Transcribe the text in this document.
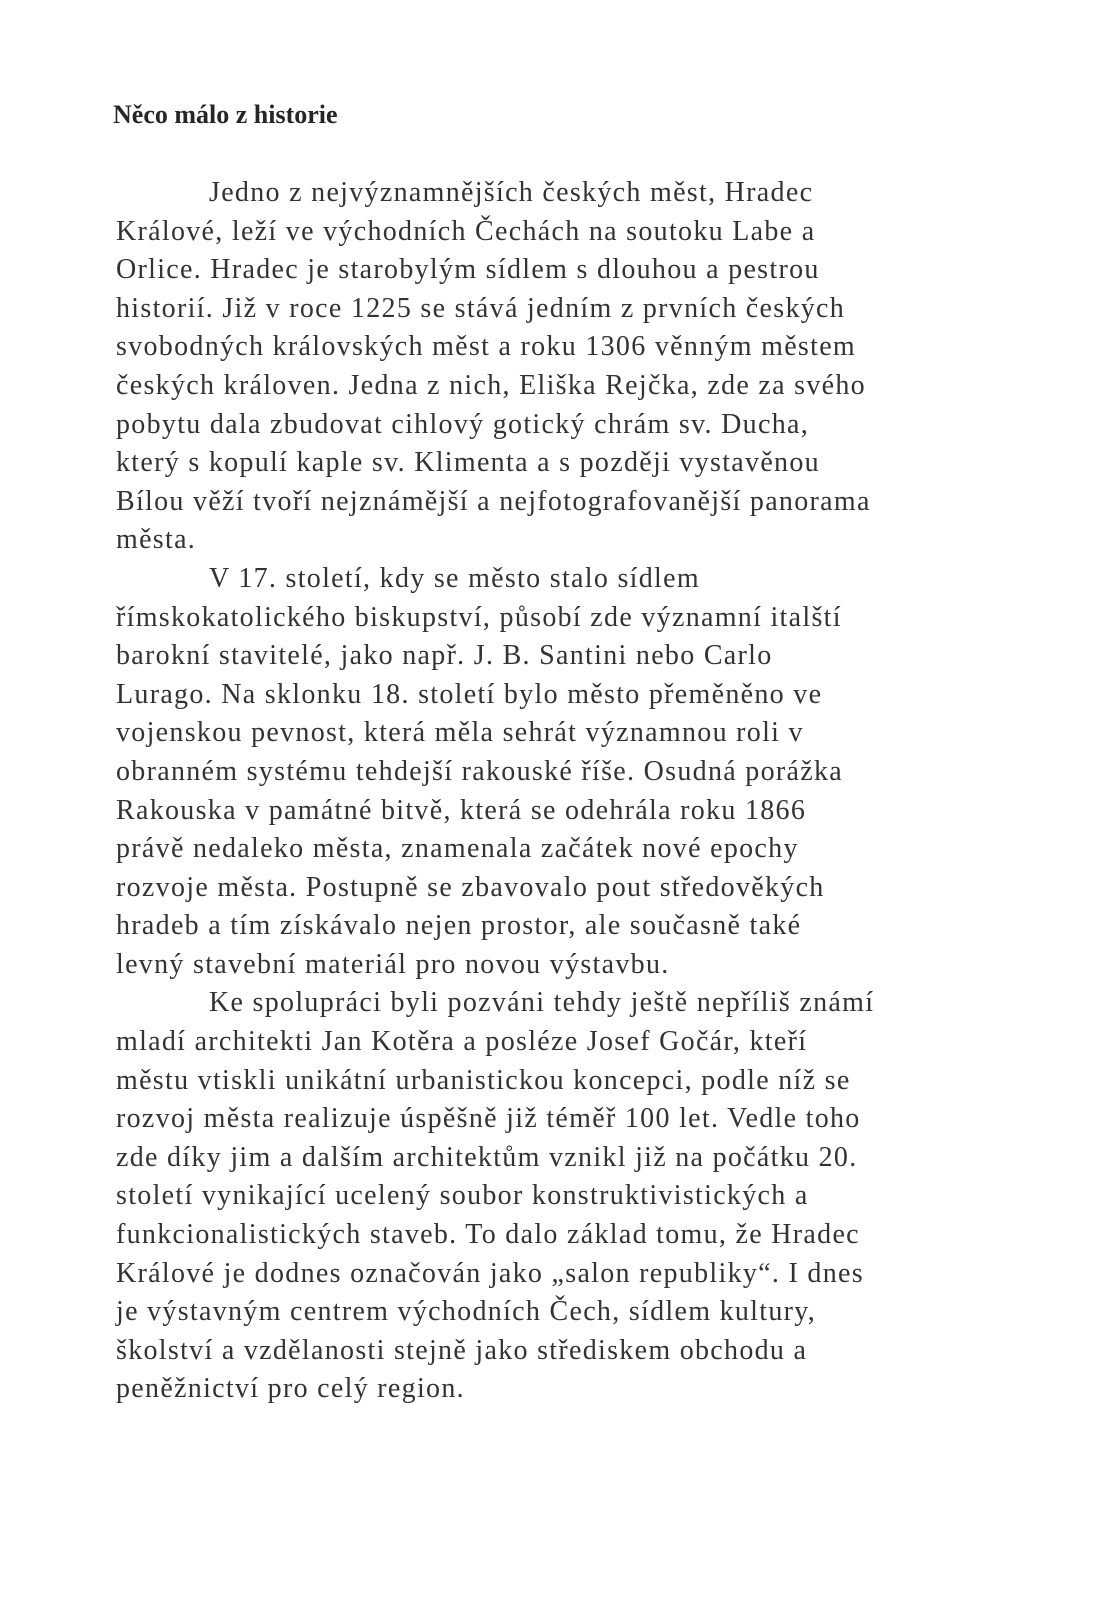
Něco málo z historie
Jedno z nejvýznamnějších českých měst, Hradec
Králové, leží ve východních Čechách na soutoku Labe a
Orlice. Hradec je starobylým sídlem s dlouhou a pestrou
historií. Již v roce 1225 se stává jedním z prvních českých
svobodných královských měst a roku 1306 věnným městem
českých královen. Jedna z nich, Eliška Rejčka, zde za svého
pobytu dala zbudovat cihlový gotický chrám sv. Ducha,
který s kopulí kaple sv. Klimenta a s později vystavěnou
Bílou věží tvoří nejznámější a nejfotografovanější panorama
města.
V 17. století, kdy se město stalo sídlem
římskokatolického biskupství, působí zde významní italští
barokní stavitelé, jako např. J. B. Santini nebo Carlo
Lurago. Na sklonku 18. století bylo město přeměněno ve
vojenskou pevnost, která měla sehrát významnou roli v
obranném systému tehdejší rakouské říše. Osudná porážka
Rakouska v památné bitvě, která se odehrála roku 1866
právě nedaleko města, znamenala začátek nové epochy
rozvoje města. Postupně se zbavovalo pout středověkých
hradeb a tím získávalo nejen prostor, ale současně také
levný stavební materiál pro novou výstavbu.
Ke spolupráci byli pozváni tehdy ještě nepříliš známí
mladí architekti Jan Kotěra a posléze Josef Gočár, kteří
městu vtiskli unikátní urbanistickou koncepci, podle níž se
rozvoj města realizuje úspěšně již téměř 100 let. Vedle toho
zde díky jim a dalším architektům vznikl již na počátku 20.
století vynikající ucelený soubor konstruktivistických a
funkcionalistických staveb. To dalo základ tomu, že Hradec
Králové je dodnes označován jako „salon republiky“. I dnes
je výstavným centrem východních Čech, sídlem kultury,
školství a vzdělanosti stejně jako střediskem obchodu a
peněžnictví pro celý region.
